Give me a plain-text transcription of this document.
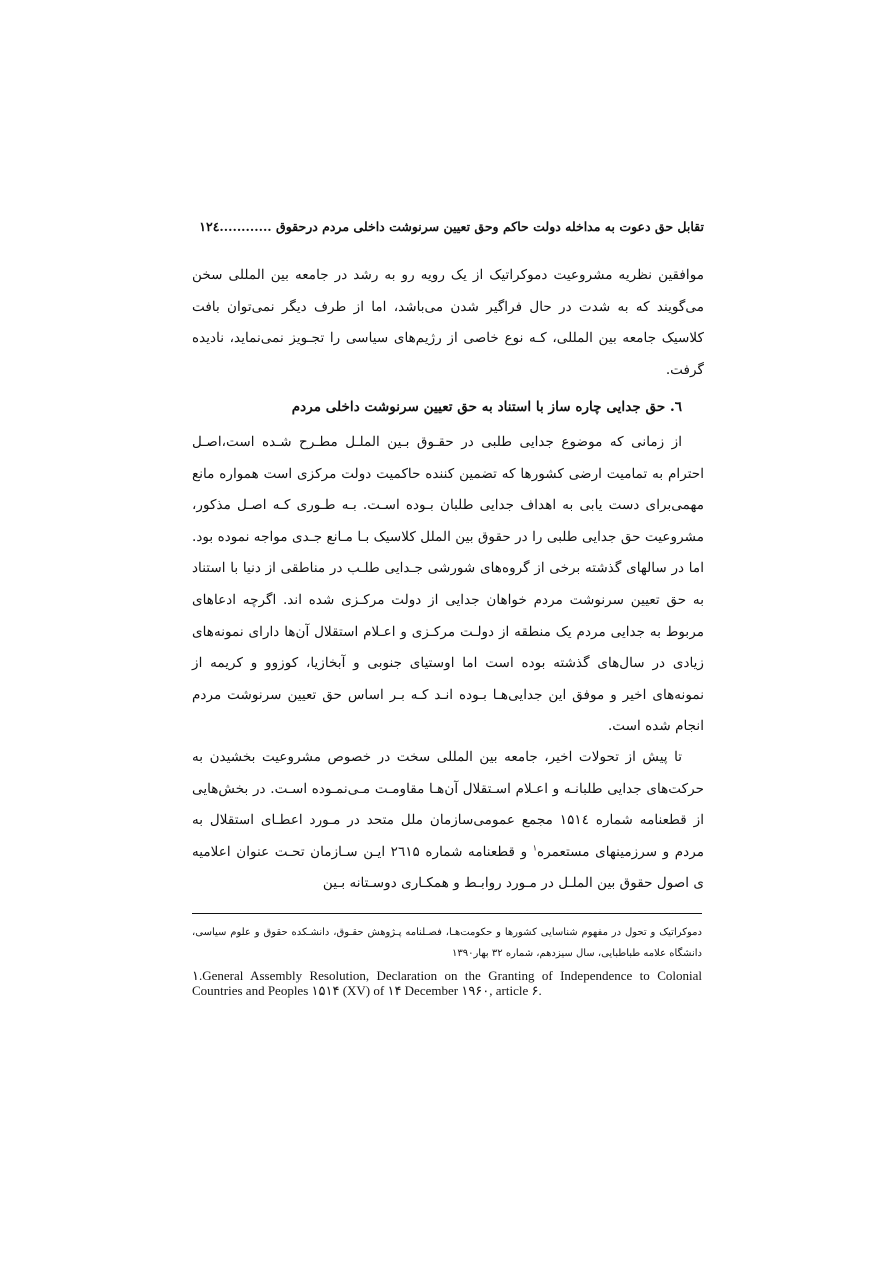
تقابل حق دعوت به مداخله دولت حاکم وحق تعیین سرنوشت داخلی مردم درحقوق ............۱۲٤

موافقین نظریه مشروعیت دموکراتیک از یک رویه رو به رشد در جامعه بین المللی سخن می‌گویند که به شدت در حال فراگیر شدن می‌باشد، اما از طرف دیگر نمی‌توان بافت کلاسیک جامعه بین المللی، کـه نوع خاصی از رژیم‌های سیاسی را تجـویز نمی‌نماید، نادیده گرفت.

٦. حق جدایی چاره ساز با استناد به حق تعیین سرنوشت داخلی مردم

از زمانی که موضوع جدایی طلبی در حقـوق بـین الملـل مطـرح شـده است،اصـل احترام به تمامیت ارضی کشورها که تضمین کننده حاکمیت دولت مرکزی است همواره مانع مهمی‌برای دست یابی به اهداف جدایی طلبان بـوده اسـت. بـه طـوری کـه اصـل مذکور، مشروعیت حق جدایی طلبی را در حقوق بین الملل کلاسیک بـا مـانع جـدی مواجه نموده بود. اما در سالهای گذشته برخی از گروه‌های شورشی جـدایی طلـب در مناطقی از دنیا با استناد به حق تعیین سرنوشت مردم خواهان جدایی از دولت مرکـزی شده اند. اگرچه ادعاهای مربوط به جدایی مردم یک منطقه از دولـت مرکـزی و اعـلام استقلال آن‌ها دارای نمونه‌های زیادی در سال‌های گذشته بوده است اما اوستیای جنوبی و آبخازیا، کوزوو و کریمه از نمونه‌های اخیر و موفق این جدایی‌هـا بـوده انـد کـه بـر اساس حق تعیین سرنوشت مردم انجام شده است.

تا پیش از تحولات اخیر، جامعه بین المللی سخت در خصوص مشروعیت بخشیدن به حرکت‌های جدایی طلبانـه و اعـلام اسـتقلال آن‌هـا مقاومـت مـی‌نمـوده اسـت. در بخش‌هایی از قطعنامه شماره ۱۵۱٤ مجمع عمومی‌سازمان ملل متحد در مـورد اعطـای استقلال به مردم و سرزمینهای مستعمره$^۱$ و قطعنامه شماره ۲٦۱۵ ایـن سـازمان تحـت عنوان اعلامیه ی اصول حقوق بین الملـل در مـورد روابـط و همکـاری دوسـتانه بـین

دموکراتیک و تحول در مفهوم شناسایی کشورها و حکومت‌هـا، فصـلنامه پـژوهش حقـوق، دانشـکده حقوق و علوم سیاسی، دانشگاه علامه طباطبایی، سال سیزدهم، شماره ۳۲ بهار۱۳۹۰
۱.General Assembly Resolution, Declaration on the Granting of Independence to Colonial Countries and Peoples ۱۵۱۴ (XV) of ۱۴ December ۱۹۶۰, article ۶.
